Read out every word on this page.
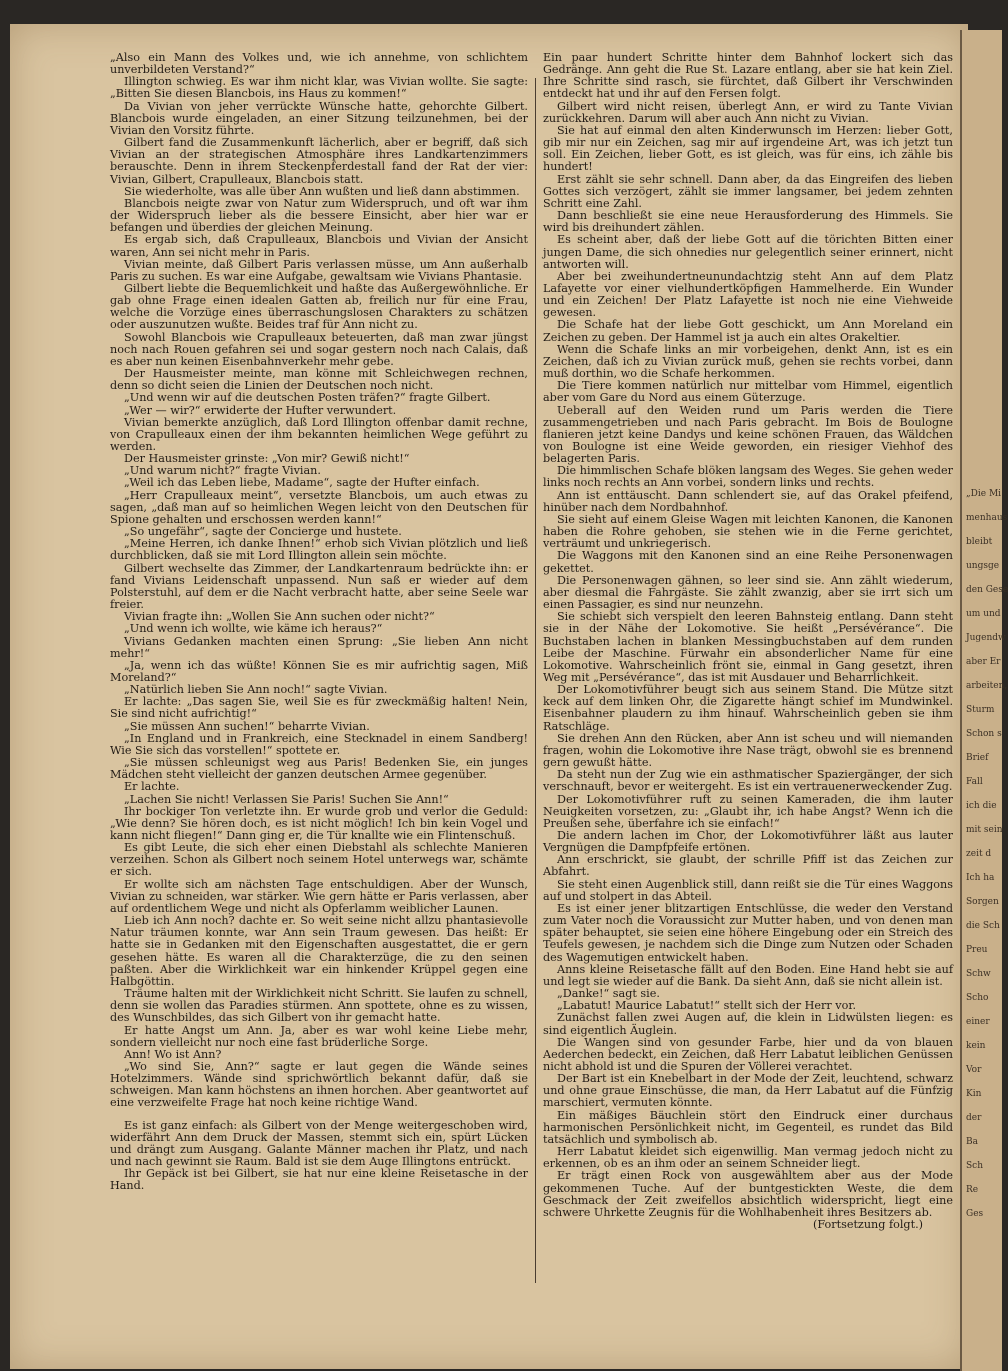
„Die Mi
menhaus
bleibt
ungsge
den Gese
um und
Jugendw
aber Er
arbeiten,
Sturm
Schon s
Brief
Fall
ich die
mit sein
zeit d
Ich ha
Sorgen
die Sch
Preu
Schw
Scho
einer
kein
Vor
Kin
der
Ba
Sch
Re
Ges

„Also ein Mann des Volkes und, wie ich annehme, von schlichtem unverbildeten Verstand?“

Illington schwieg. Es war ihm nicht klar, was Vivian wollte. Sie sagte: „Bitten Sie diesen Blancbois, ins Haus zu kommen!“

Da Vivian von jeher verrückte Wünsche hatte, gehorchte Gilbert. Blancbois wurde eingeladen, an einer Sitzung teilzunehmen, bei der Vivian den Vorsitz führte.

Gilbert fand die Zusammenkunft lächerlich, aber er begriff, daß sich Vivian an der strategischen Atmosphäre ihres Landkartenzimmers berauschte. Denn in ihrem Steckenpferdestall fand der Rat der vier: Vivian, Gilbert, Crapulleaux, Blancbois statt.

Sie wiederholte, was alle über Ann wußten und ließ dann abstimmen.

Blancbois neigte zwar von Natur zum Widerspruch, und oft war ihm der Widerspruch lieber als die bessere Einsicht, aber hier war er befangen und überdies der gleichen Meinung.

Es ergab sich, daß Crapulleaux, Blancbois und Vivian der Ansicht waren, Ann sei nicht mehr in Paris.

Vivian meinte, daß Gilbert Paris verlassen müsse, um Ann außerhalb Paris zu suchen. Es war eine Aufgabe, gewaltsam wie Vivians Phantasie.

Gilbert liebte die Bequemlichkeit und haßte das Außergewöhnliche. Er gab ohne Frage einen idealen Gatten ab, freilich nur für eine Frau, welche die Vorzüge eines überraschungslosen Charakters zu schätzen oder auszunutzen wußte. Beides traf für Ann nicht zu.

Sowohl Blancbois wie Crapulleaux beteuerten, daß man zwar jüngst noch nach Rouen gefahren sei und sogar gestern noch nach Calais, daß es aber nun keinen Eisenbahnverkehr mehr gebe.

Der Hausmeister meinte, man könne mit Schleichwegen rechnen, denn so dicht seien die Linien der Deutschen noch nicht.

„Und wenn wir auf die deutschen Posten träfen?“ fragte Gilbert.

„Wer — wir?“ erwiderte der Hufter verwundert.

Vivian bemerkte anzüglich, daß Lord Illington offenbar damit rechne, von Crapulleaux einen der ihm bekannten heimlichen Wege geführt zu werden.

Der Hausmeister grinste: „Von mir? Gewiß nicht!“

„Und warum nicht?“ fragte Vivian.

„Weil ich das Leben liebe, Madame“, sagte der Hufter einfach.

„Herr Crapulleaux meint“, versetzte Blancbois, um auch etwas zu sagen, „daß man auf so heimlichen Wegen leicht von den Deutschen für Spione gehalten und erschossen werden kann!“

„So ungefähr“, sagte der Concierge und hustete.

„Meine Herren, ich danke Ihnen!“ erhob sich Vivian plötzlich und ließ durchblicken, daß sie mit Lord Illington allein sein möchte.

Gilbert wechselte das Zimmer, der Landkartenraum bedrückte ihn: er fand Vivians Leidenschaft unpassend. Nun saß er wieder auf dem Polsterstuhl, auf dem er die Nacht verbracht hatte, aber seine Seele war freier.

Vivian fragte ihn: „Wollen Sie Ann suchen oder nicht?“

„Und wenn ich wollte, wie käme ich heraus?“

Vivians Gedanken machten einen Sprung: „Sie lieben Ann nicht mehr!“

„Ja, wenn ich das wüßte! Können Sie es mir aufrichtig sagen, Miß Moreland?“

„Natürlich lieben Sie Ann noch!“ sagte Vivian.

Er lachte: „Das sagen Sie, weil Sie es für zweckmäßig halten! Nein, Sie sind nicht aufrichtig!“

„Sie müssen Ann suchen!“ beharrte Vivian.

„In England und in Frankreich, eine Stecknadel in einem Sandberg! Wie Sie sich das vorstellen!“ spottete er.

„Sie müssen schleunigst weg aus Paris! Bedenken Sie, ein junges Mädchen steht vielleicht der ganzen deutschen Armee gegenüber.

Er lachte.

„Lachen Sie nicht! Verlassen Sie Paris! Suchen Sie Ann!“

Ihr bockiger Ton verletzte ihn. Er wurde grob und verlor die Geduld: „Wie denn? Sie hören doch, es ist nicht möglich! Ich bin kein Vogel und kann nicht fliegen!“ Dann ging er, die Tür knallte wie ein Flintenschuß.

Es gibt Leute, die sich eher einen Diebstahl als schlechte Manieren verzeihen. Schon als Gilbert noch seinem Hotel unterwegs war, schämte er sich.

Er wollte sich am nächsten Tage entschuldigen. Aber der Wunsch, Vivian zu schneiden, war stärker. Wie gern hätte er Paris verlassen, aber auf ordentlichem Wege und nicht als Opferlamm weiblicher Launen.

Lieb ich Ann noch? dachte er. So weit seine nicht allzu phantasievolle Natur träumen konnte, war Ann sein Traum gewesen. Das heißt: Er hatte sie in Gedanken mit den Eigenschaften ausgestattet, die er gern gesehen hätte. Es waren all die Charakterzüge, die zu den seinen paßten. Aber die Wirklichkeit war ein hinkender Krüppel gegen eine Halbgöttin.

Träume halten mit der Wirklichkeit nicht Schritt. Sie laufen zu schnell, denn sie wollen das Paradies stürmen. Ann spottete, ohne es zu wissen, des Wunschbildes, das sich Gilbert von ihr gemacht hatte.

Er hatte Angst um Ann. Ja, aber es war wohl keine Liebe mehr, sondern vielleicht nur noch eine fast brüderliche Sorge.

Ann! Wo ist Ann?

„Wo sind Sie, Ann?“ sagte er laut gegen die Wände seines Hotelzimmers. Wände sind sprichwörtlich bekannt dafür, daß sie schweigen. Man kann höchstens an ihnen horchen. Aber geantwortet auf eine verzweifelte Frage hat noch keine richtige Wand.

Es ist ganz einfach: als Gilbert von der Menge weitergeschoben wird, widerfährt Ann dem Druck der Massen, stemmt sich ein, spürt Lücken und drängt zum Ausgang. Galante Männer machen ihr Platz, und nach und nach gewinnt sie Raum. Bald ist sie dem Auge Illingtons entrückt.

Ihr Gepäck ist bei Gilbert, sie hat nur eine kleine Reisetasche in der Hand.

Ein paar hundert Schritte hinter dem Bahnhof lockert sich das Gedränge. Ann geht die Rue St. Lazare entlang, aber sie hat kein Ziel. Ihre Schritte sind rasch, sie fürchtet, daß Gilbert ihr Verschwinden entdeckt hat und ihr auf den Fersen folgt.

Gilbert wird nicht reisen, überlegt Ann, er wird zu Tante Vivian zurückkehren. Darum will aber auch Ann nicht zu Vivian.

Sie hat auf einmal den alten Kinderwunsch im Herzen: lieber Gott, gib mir nur ein Zeichen, sag mir auf irgendeine Art, was ich jetzt tun soll. Ein Zeichen, lieber Gott, es ist gleich, was für eins, ich zähle bis hundert!

Erst zählt sie sehr schnell. Dann aber, da das Eingreifen des lieben Gottes sich verzögert, zählt sie immer langsamer, bei jedem zehnten Schritt eine Zahl.

Dann beschließt sie eine neue Herausforderung des Himmels. Sie wird bis dreihundert zählen.

Es scheint aber, daß der liebe Gott auf die törichten Bitten einer jungen Dame, die sich ohnedies nur gelegentlich seiner erinnert, nicht antworten will.

Aber bei zweihundertneunundachtzig steht Ann auf dem Platz Lafayette vor einer vielhundertköpfigen Hammelherde. Ein Wunder und ein Zeichen! Der Platz Lafayette ist noch nie eine Viehweide gewesen.

Die Schafe hat der liebe Gott geschickt, um Ann Moreland ein Zeichen zu geben. Der Hammel ist ja auch ein altes Orakeltier.

Wenn die Schafe links an mir vorbeigehen, denkt Ann, ist es ein Zeichen, daß ich zu Vivian zurück muß, gehen sie rechts vorbei, dann muß dorthin, wo die Schafe herkommen.

Die Tiere kommen natürlich nur mittelbar vom Himmel, eigentlich aber vom Gare du Nord aus einem Güterzuge.

Ueberall auf den Weiden rund um Paris werden die Tiere zusammengetrieben und nach Paris gebracht. Im Bois de Boulogne flanieren jetzt keine Dandys und keine schönen Frauen, das Wäldchen von Boulogne ist eine Weide geworden, ein riesiger Viehhof des belagerten Paris.

Die himmlischen Schafe blöken langsam des Weges. Sie gehen weder links noch rechts an Ann vorbei, sondern links und rechts.

Ann ist enttäuscht. Dann schlendert sie, auf das Orakel pfeifend, hinüber nach dem Nordbahnhof.

Sie sieht auf einem Gleise Wagen mit leichten Kanonen, die Kanonen haben die Rohre gehoben, sie stehen wie in die Ferne gerichtet, verträumt und unkriegerisch.

Die Waggons mit den Kanonen sind an eine Reihe Personenwagen gekettet.

Die Personenwagen gähnen, so leer sind sie. Ann zählt wiederum, aber diesmal die Fahrgäste. Sie zählt zwanzig, aber sie irrt sich um einen Passagier, es sind nur neunzehn.

Sie schiebt sich verspielt den leeren Bahnsteig entlang. Dann steht sie in der Nähe der Lokomotive. Sie heißt „Persévérance“. Die Buchstaben lachen in blanken Messingbuchstaben auf dem runden Leibe der Maschine. Fürwahr ein absonderlicher Name für eine Lokomotive. Wahrscheinlich frönt sie, einmal in Gang gesetzt, ihren Weg mit „Persévérance“, das ist mit Ausdauer und Beharrlichkeit.

Der Lokomotivführer beugt sich aus seinem Stand. Die Mütze sitzt keck auf dem linken Ohr, die Zigarette hängt schief im Mundwinkel. Eisenbahner plaudern zu ihm hinauf. Wahrscheinlich geben sie ihm Ratschläge.

Sie drehen Ann den Rücken, aber Ann ist scheu und will niemanden fragen, wohin die Lokomotive ihre Nase trägt, obwohl sie es brennend gern gewußt hätte.

Da steht nun der Zug wie ein asthmatischer Spaziergänger, der sich verschnauft, bevor er weitergeht. Es ist ein vertrauenerweckender Zug.

Der Lokomotivführer ruft zu seinen Kameraden, die ihm lauter Neuigkeiten vorsetzen, zu: „Glaubt ihr, ich habe Angst? Wenn ich die Preußen sehe, überfahre ich sie einfach!“

Die andern lachen im Chor, der Lokomotivführer läßt aus lauter Vergnügen die Dampfpfeife ertönen.

Ann erschrickt, sie glaubt, der schrille Pfiff ist das Zeichen zur Abfahrt.

Sie steht einen Augenblick still, dann reißt sie die Tür eines Waggons auf und stolpert in das Abteil.

Es ist einer jener blitzartigen Entschlüsse, die weder den Verstand zum Vater noch die Voraussicht zur Mutter haben, und von denen man später behauptet, sie seien eine höhere Eingebung oder ein Streich des Teufels gewesen, je nachdem sich die Dinge zum Nutzen oder Schaden des Wagemutigen entwickelt haben.

Anns kleine Reisetasche fällt auf den Boden. Eine Hand hebt sie auf und legt sie wieder auf die Bank. Da sieht Ann, daß sie nicht allein ist.

„Danke!“ sagt sie.

„Labatut! Maurice Labatut!“ stellt sich der Herr vor.

Zunächst fallen zwei Augen auf, die klein in Lidwülsten liegen: es sind eigentlich Äuglein.

Die Wangen sind von gesunder Farbe, hier und da von blauen Aederchen bedeckt, ein Zeichen, daß Herr Labatut leiblichen Genüssen nicht abhold ist und die Spuren der Völlerei verachtet.

Der Bart ist ein Knebelbart in der Mode der Zeit, leuchtend, schwarz und ohne graue Einschüsse, die man, da Herr Labatut auf die Fünfzig marschiert, vermuten könnte.

Ein mäßiges Bäuchlein stört den Eindruck einer durchaus harmonischen Persönlichkeit nicht, im Gegenteil, es rundet das Bild tatsächlich und symbolisch ab.

Herr Labatut kleidet sich eigenwillig. Man vermag jedoch nicht zu erkennen, ob es an ihm oder an seinem Schneider liegt.

Er trägt einen Rock von ausgewähltem aber aus der Mode gekommenen Tuche. Auf der buntgestickten Weste, die dem Geschmack der Zeit zweifellos absichtlich widerspricht, liegt eine schwere Uhrkette Zeugnis für die Wohlhabenheit ihres Besitzers ab.

(Fortsetzung folgt.)
